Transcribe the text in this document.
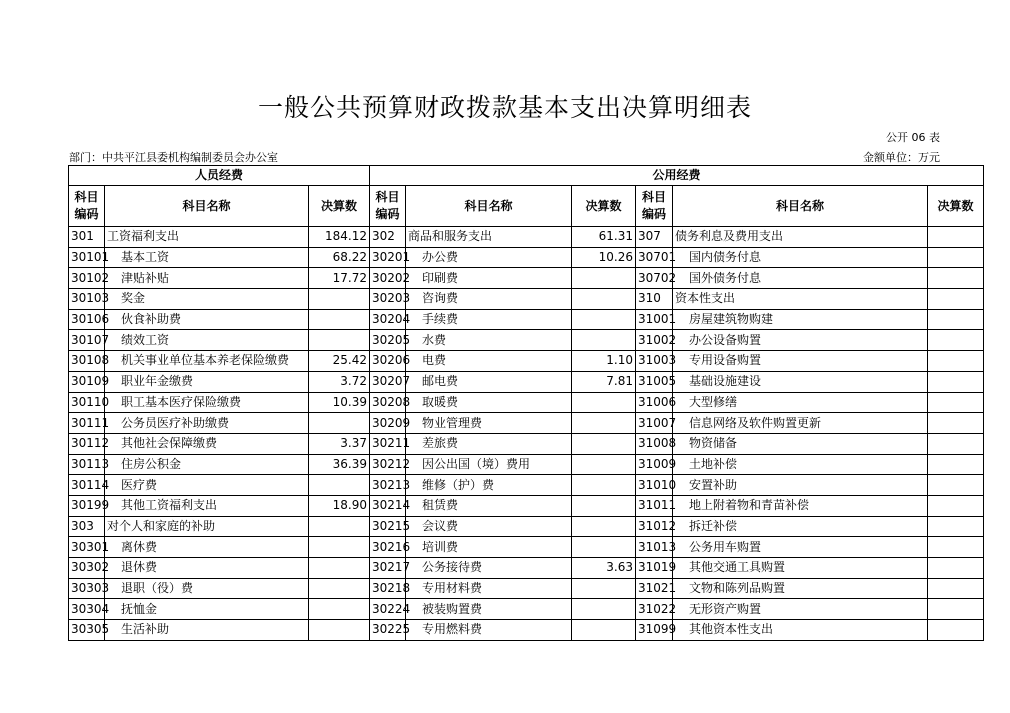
一般公共预算财政拨款基本支出决算明细表
公开 06 表
部门：中共平江县委机构编制委员会办公室	金额单位：万元
人员经费			公用经费					
科目编码	科目名称	决算数	科目编码	科目名称	决算数	科目编码	科目名称	决算数
301	工资福利支出	184.12	302	商品和服务支出	61.31	307	债务利息及费用支出	
30101	基本工资	68.22	30201	办公费	10.26	30701	国内债务付息	
30102	津贴补贴	17.72	30202	印刷费		30702	国外债务付息	
30103	奖金		30203	咨询费		310	资本性支出	
30106	伙食补助费		30204	手续费		31001	房屋建筑物购建	
30107	绩效工资		30205	水费		31002	办公设备购置	
30108	机关事业单位基本养老保险缴费	25.42	30206	电费	1.10	31003	专用设备购置	
30109	职业年金缴费	3.72	30207	邮电费	7.81	31005	基础设施建设	
30110	职工基本医疗保险缴费	10.39	30208	取暖费		31006	大型修缮	
30111	公务员医疗补助缴费		30209	物业管理费		31007	信息网络及软件购置更新	
30112	其他社会保障缴费	3.37	30211	差旅费		31008	物资储备	
30113	住房公积金	36.39	30212	因公出国（境）费用		31009	土地补偿	
30114	医疗费		30213	维修（护）费		31010	安置补助	
30199	其他工资福利支出	18.90	30214	租赁费		31011	地上附着物和青苗补偿	
303	对个人和家庭的补助		30215	会议费		31012	拆迁补偿	
30301	离休费		30216	培训费		31013	公务用车购置	
30302	退休费		30217	公务接待费	3.63	31019	其他交通工具购置	
30303	退职（役）费		30218	专用材料费		31021	文物和陈列品购置	
30304	抚恤金		30224	被装购置费		31022	无形资产购置	
30305	生活补助		30225	专用燃料费		31099	其他资本性支出	
